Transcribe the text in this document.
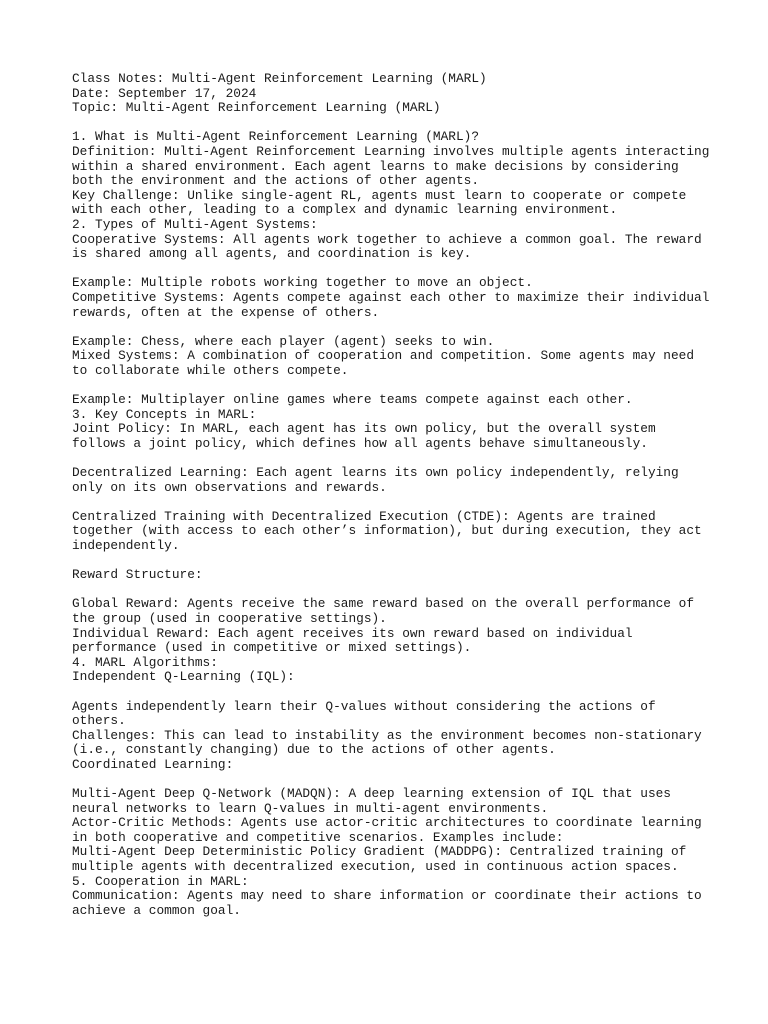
Class Notes: Multi-Agent Reinforcement Learning (MARL)
Date: September 17, 2024
Topic: Multi-Agent Reinforcement Learning (MARL)
1. What is Multi-Agent Reinforcement Learning (MARL)?
Definition: Multi-Agent Reinforcement Learning involves multiple agents interacting
within a shared environment. Each agent learns to make decisions by considering
both the environment and the actions of other agents.
Key Challenge: Unlike single-agent RL, agents must learn to cooperate or compete
with each other, leading to a complex and dynamic learning environment.
2. Types of Multi-Agent Systems:
Cooperative Systems: All agents work together to achieve a common goal. The reward
is shared among all agents, and coordination is key.
Example: Multiple robots working together to move an object.
Competitive Systems: Agents compete against each other to maximize their individual
rewards, often at the expense of others.
Example: Chess, where each player (agent) seeks to win.
Mixed Systems: A combination of cooperation and competition. Some agents may need
to collaborate while others compete.
Example: Multiplayer online games where teams compete against each other.
3. Key Concepts in MARL:
Joint Policy: In MARL, each agent has its own policy, but the overall system
follows a joint policy, which defines how all agents behave simultaneously.
Decentralized Learning: Each agent learns its own policy independently, relying
only on its own observations and rewards.
Centralized Training with Decentralized Execution (CTDE): Agents are trained
together (with access to each other’s information), but during execution, they act
independently.
Reward Structure:
Global Reward: Agents receive the same reward based on the overall performance of
the group (used in cooperative settings).
Individual Reward: Each agent receives its own reward based on individual
performance (used in competitive or mixed settings).
4. MARL Algorithms:
Independent Q-Learning (IQL):
Agents independently learn their Q-values without considering the actions of
others.
Challenges: This can lead to instability as the environment becomes non-stationary
(i.e., constantly changing) due to the actions of other agents.
Coordinated Learning:
Multi-Agent Deep Q-Network (MADQN): A deep learning extension of IQL that uses
neural networks to learn Q-values in multi-agent environments.
Actor-Critic Methods: Agents use actor-critic architectures to coordinate learning
in both cooperative and competitive scenarios. Examples include:
Multi-Agent Deep Deterministic Policy Gradient (MADDPG): Centralized training of
multiple agents with decentralized execution, used in continuous action spaces.
5. Cooperation in MARL:
Communication: Agents may need to share information or coordinate their actions to
achieve a common goal.
